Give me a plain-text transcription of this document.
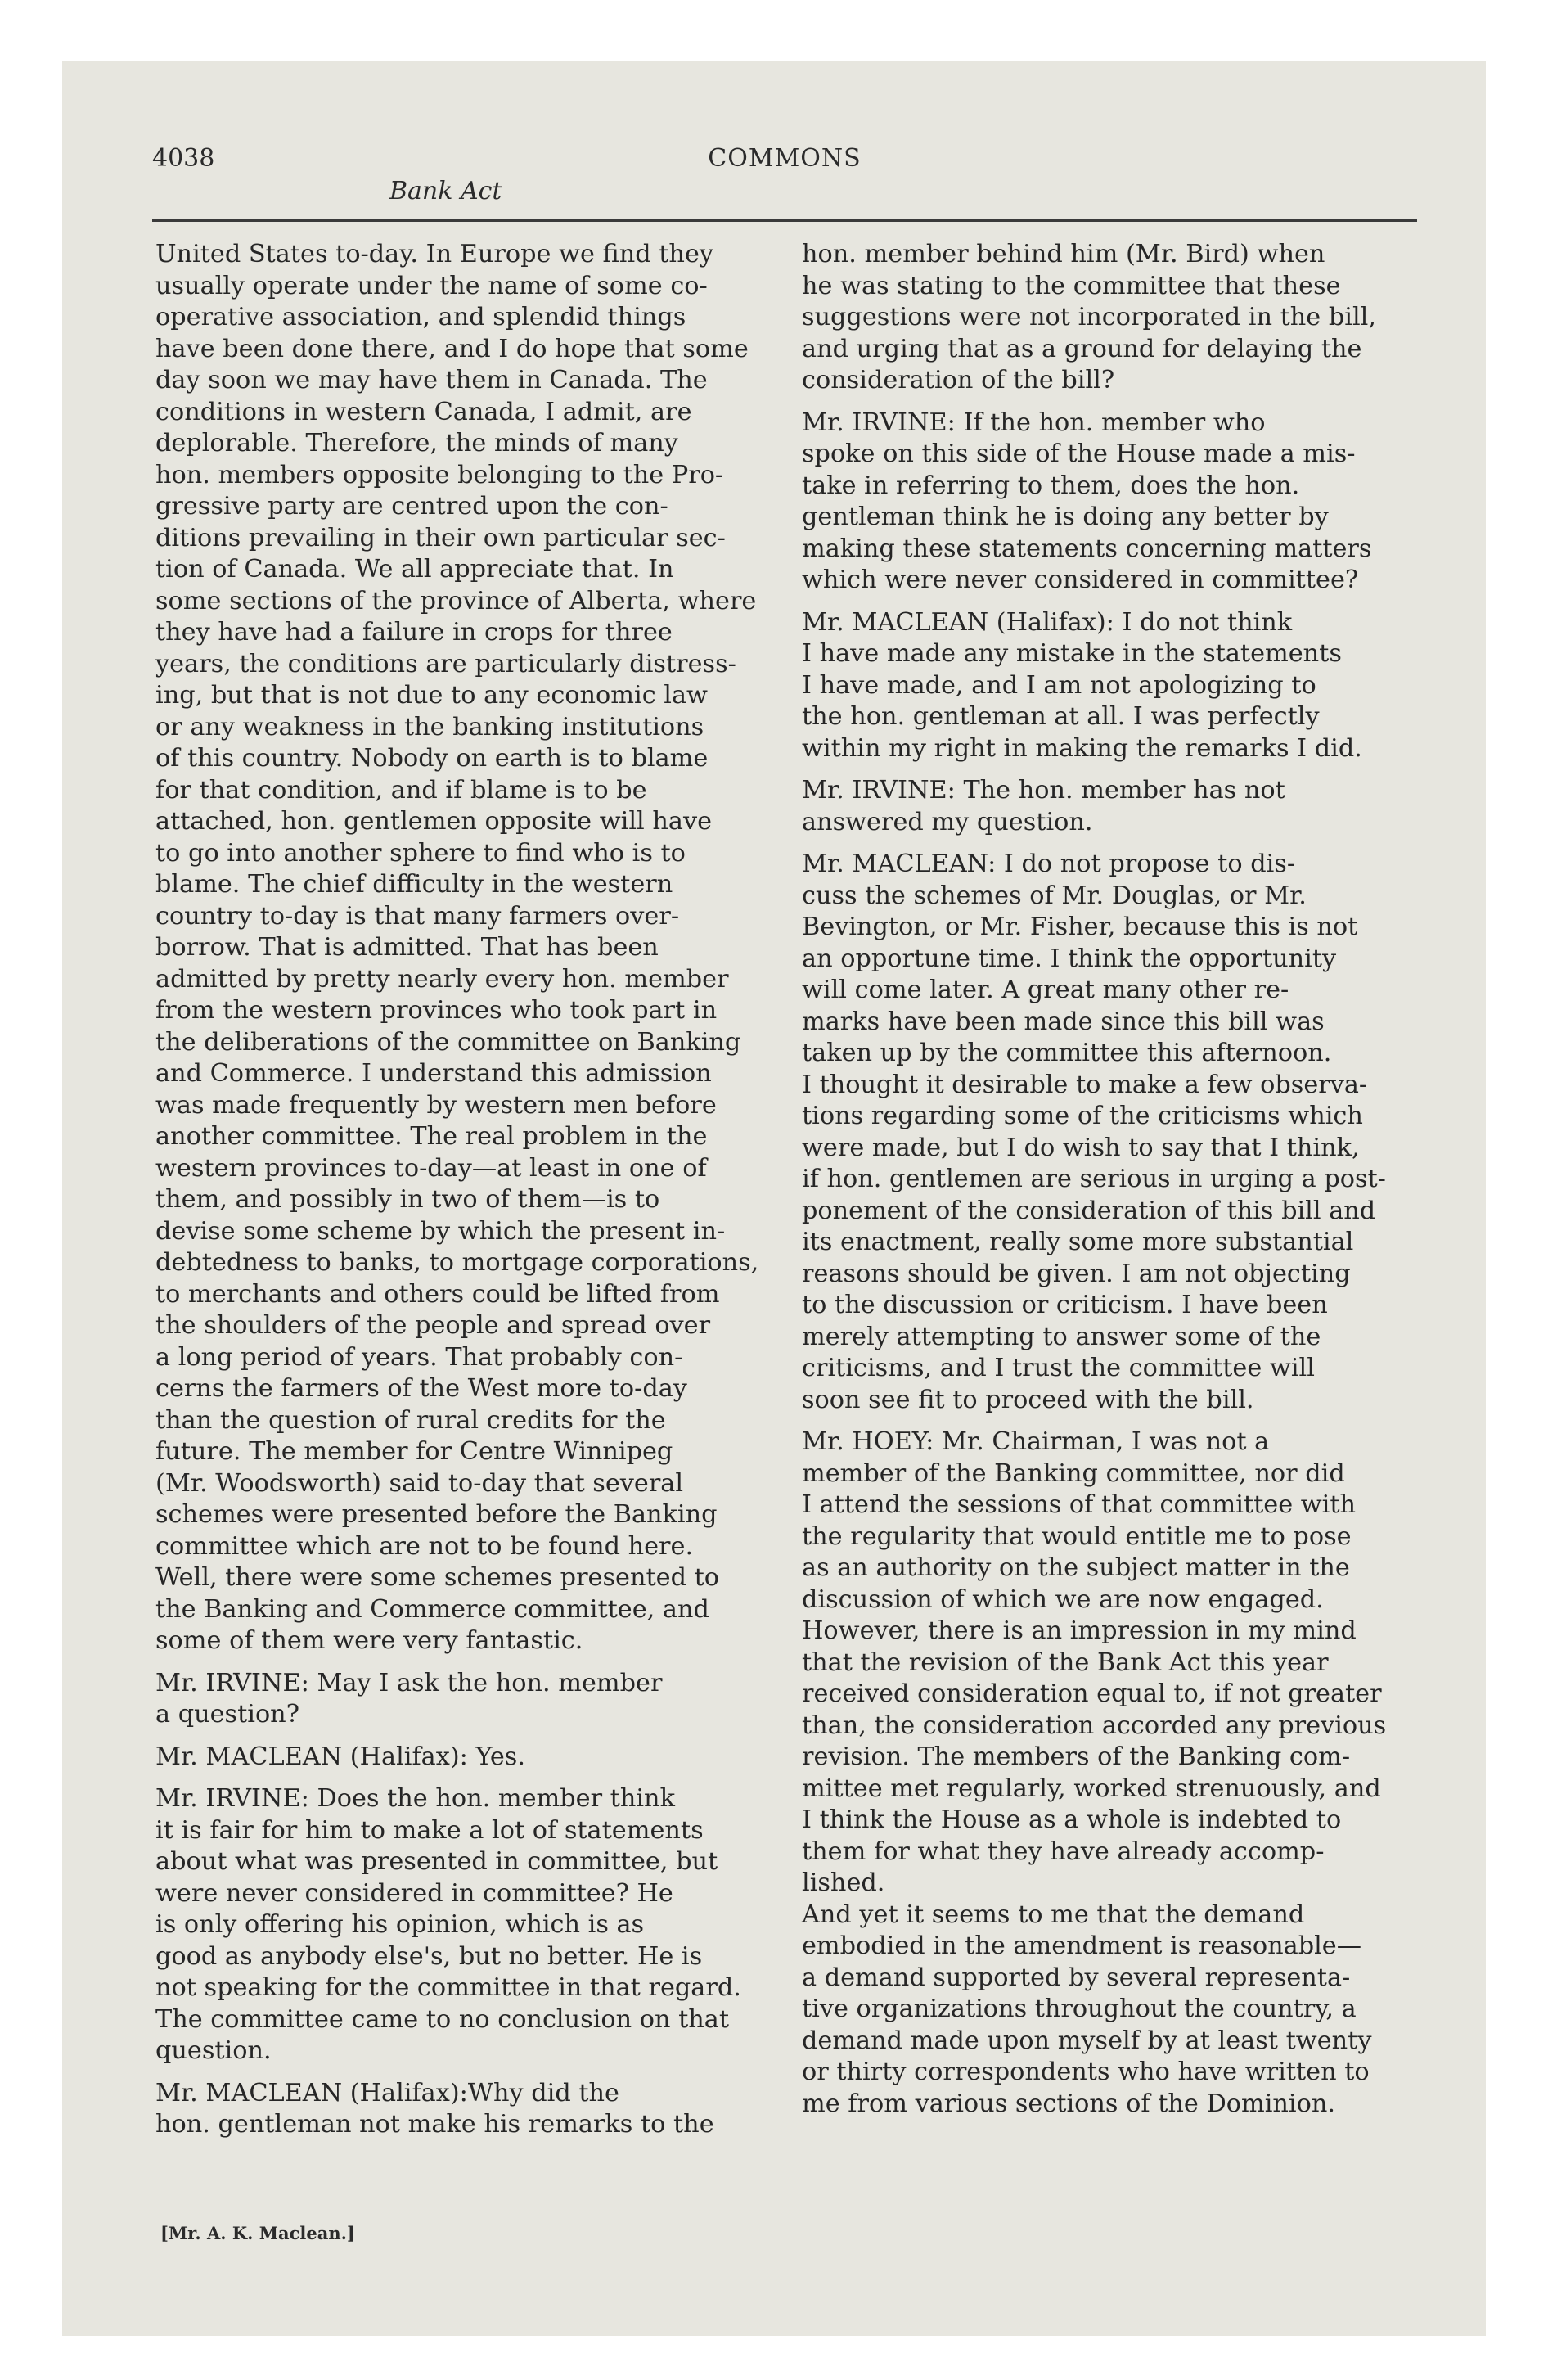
4038	COMMONS
Bank Act
United States to-day. In Europe we find they
usually operate under the name of some co-
operative association, and splendid things
have been done there, and I do hope that some
day soon we may have them in Canada. The
conditions in western Canada, I admit, are
deplorable. Therefore, the minds of many
hon. members opposite belonging to the Pro-
gressive party are centred upon the con-
ditions prevailing in their own particular sec-
tion of Canada. We all appreciate that. In
some sections of the province of Alberta, where
they have had a failure in crops for three
years, the conditions are particularly distress-
ing, but that is not due to any economic law
or any weakness in the banking institutions
of this country. Nobody on earth is to blame
for that condition, and if blame is to be
attached, hon. gentlemen opposite will have
to go into another sphere to find who is to
blame. The chief difficulty in the western
country to-day is that many farmers over-
borrow. That is admitted. That has been
admitted by pretty nearly every hon. member
from the western provinces who took part in
the deliberations of the committee on Banking
and Commerce. I understand this admission
was made frequently by western men before
another committee. The real problem in the
western provinces to-day—at least in one of
them, and possibly in two of them—is to
devise some scheme by which the present in-
debtedness to banks, to mortgage corporations,
to merchants and others could be lifted from
the shoulders of the people and spread over
a long period of years. That probably con-
cerns the farmers of the West more to-day
than the question of rural credits for the
future. The member for Centre Winnipeg
(Mr. Woodsworth) said to-day that several
schemes were presented before the Banking
committee which are not to be found here.
Well, there were some schemes presented to
the Banking and Commerce committee, and
some of them were very fantastic.
Mr. IRVINE: May I ask the hon. member
a question?
Mr. MACLEAN (Halifax): Yes.
Mr. IRVINE: Does the hon. member think
it is fair for him to make a lot of statements
about what was presented in committee, but
were never considered in committee? He
is only offering his opinion, which is as
good as anybody else's, but no better. He is
not speaking for the committee in that regard.
The committee came to no conclusion on that
question.
Mr. MACLEAN (Halifax):Why did the
hon. gentleman not make his remarks to the
hon. member behind him (Mr. Bird) when
he was stating to the committee that these
suggestions were not incorporated in the bill,
and urging that as a ground for delaying the
consideration of the bill?
Mr. IRVINE: If the hon. member who
spoke on this side of the House made a mis-
take in referring to them, does the hon.
gentleman think he is doing any better by
making these statements concerning matters
which were never considered in committee?
Mr. MACLEAN (Halifax): I do not think
I have made any mistake in the statements
I have made, and I am not apologizing to
the hon. gentleman at all. I was perfectly
within my right in making the remarks I did.
Mr. IRVINE: The hon. member has not
answered my question.
Mr. MACLEAN: I do not propose to dis-
cuss the schemes of Mr. Douglas, or Mr.
Bevington, or Mr. Fisher, because this is not
an opportune time. I think the opportunity
will come later. A great many other re-
marks have been made since this bill was
taken up by the committee this afternoon.
I thought it desirable to make a few observa-
tions regarding some of the criticisms which
were made, but I do wish to say that I think,
if hon. gentlemen are serious in urging a post-
ponement of the consideration of this bill and
its enactment, really some more substantial
reasons should be given. I am not objecting
to the discussion or criticism. I have been
merely attempting to answer some of the
criticisms, and I trust the committee will
soon see fit to proceed with the bill.
Mr. HOEY: Mr. Chairman, I was not a
member of the Banking committee, nor did
I attend the sessions of that committee with
the regularity that would entitle me to pose
as an authority on the subject matter in the
discussion of which we are now engaged.
However, there is an impression in my mind
that the revision of the Bank Act this year
received consideration equal to, if not greater
than, the consideration accorded any previous
revision. The members of the Banking com-
mittee met regularly, worked strenuously, and
I think the House as a whole is indebted to
them for what they have already accomp-
lished.
And yet it seems to me that the demand
embodied in the amendment is reasonable—
a demand supported by several representa-
tive organizations throughout the country, a
demand made upon myself by at least twenty
or thirty correspondents who have written to
me from various sections of the Dominion.
[Mr. A. K. Maclean.]
